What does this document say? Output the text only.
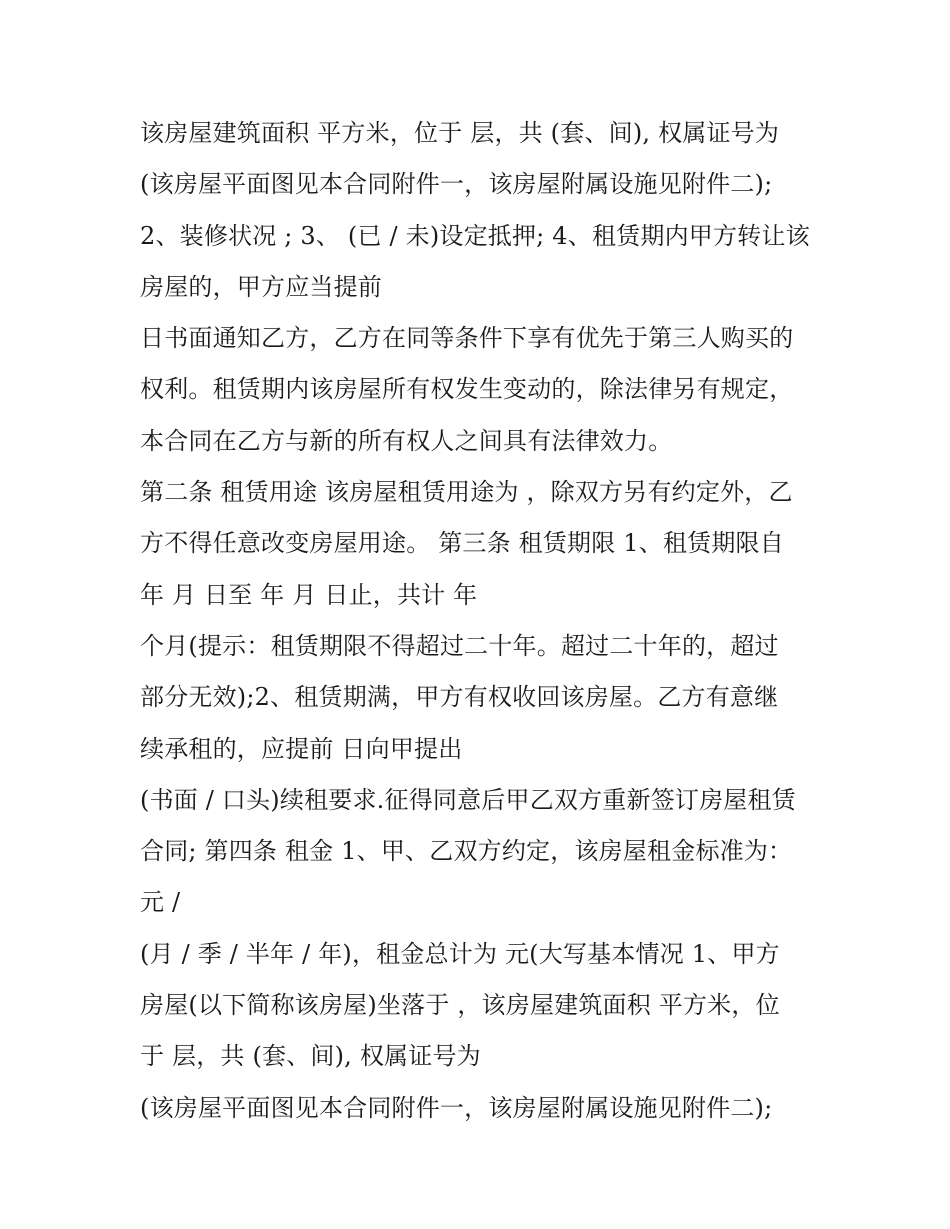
该房屋建筑面积 平方米，位于 层，共 (套、间), 权属证号为
(该房屋平面图见本合同附件一，该房屋附属设施见附件二);
2、装修状况 ; 3、 (已 / 未)设定抵押; 4、租赁期内甲方转让该
房屋的，甲方应当提前
日书面通知乙方，乙方在同等条件下享有优先于第三人购买的
权利。租赁期内该房屋所有权发生变动的，除法律另有规定，
本合同在乙方与新的所有权人之间具有法律效力。
第二条 租赁用途 该房屋租赁用途为 ，除双方另有约定外，乙
方不得任意改变房屋用途。 第三条 租赁期限 1、租赁期限自
年 月 日至 年 月 日止，共计 年
个月(提示：租赁期限不得超过二十年。超过二十年的，超过
部分无效);2、租赁期满，甲方有权收回该房屋。乙方有意继
续承租的，应提前 日向甲提出
(书面 / 口头)续租要求.征得同意后甲乙双方重新签订房屋租赁
合同; 第四条 租金 1、甲、乙双方约定，该房屋租金标准为：
元 /
(月 / 季 / 半年 / 年)，租金总计为 元(大写基本情况 1、甲方
房屋(以下简称该房屋)坐落于 ，该房屋建筑面积 平方米，位
于 层，共 (套、间), 权属证号为
(该房屋平面图见本合同附件一，该房屋附属设施见附件二);
